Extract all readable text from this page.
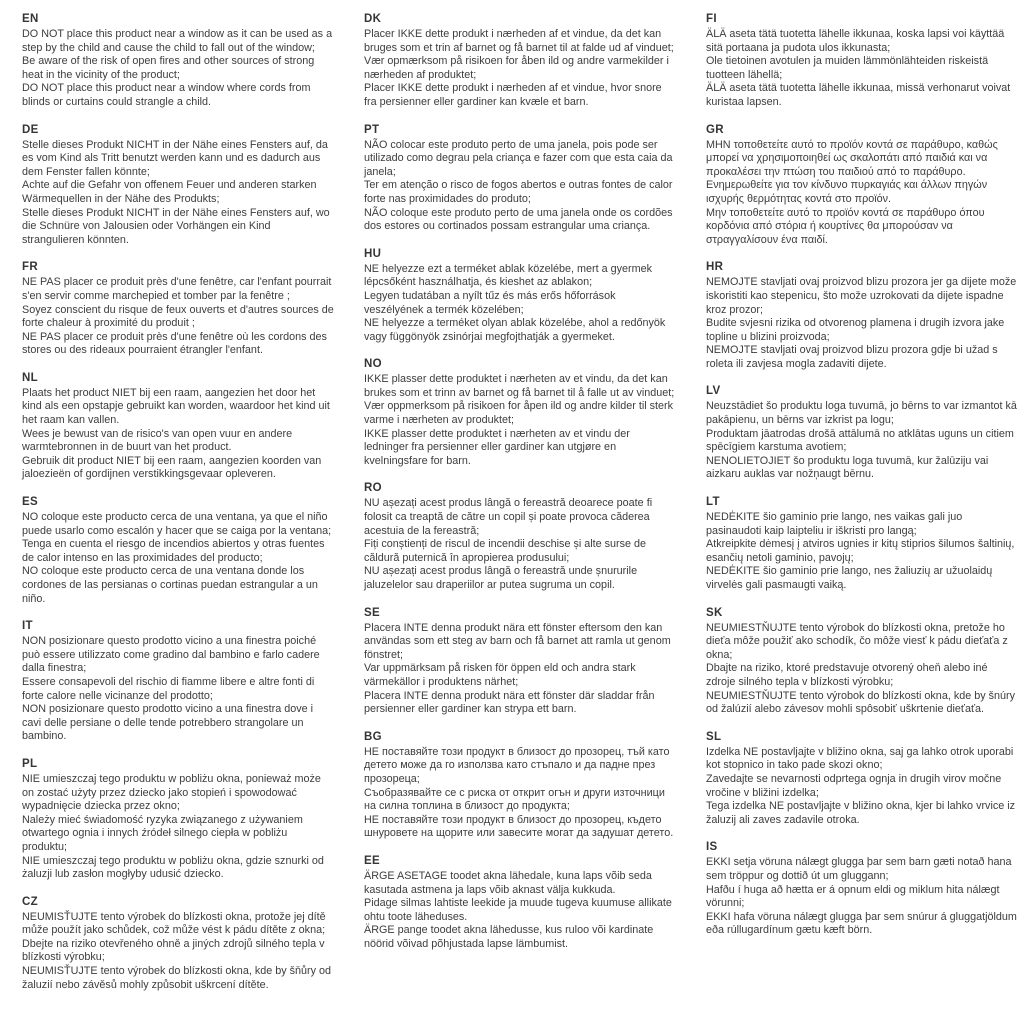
EN

DO NOT place this product near a window as it can be used as a step by the child and cause the child to fall out of the window;

Be aware of the risk of open fires and other sources of strong heat in the vicinity of the product;

DO NOT place this product near a window where cords from blinds or curtains could strangle a child.

DE

Stelle dieses Produkt NICHT in der Nähe eines Fensters auf, da es vom Kind als Tritt benutzt werden kann und es dadurch aus dem Fenster fallen könnte;

Achte auf die Gefahr von offenem Feuer und anderen starken Wärmequellen in der Nähe des Produkts;

Stelle dieses Produkt NICHT in der Nähe eines Fensters auf, wo die Schnüre von Jalousien oder Vorhängen ein Kind strangulieren könnten.

FR

NE PAS placer ce produit près d'une fenêtre, car l'enfant pourrait s'en servir comme marchepied et tomber par la fenêtre ;

Soyez conscient du risque de feux ouverts et d'autres sources de forte chaleur à proximité du produit ;

NE PAS placer ce produit près d'une fenêtre où les cordons des stores ou des rideaux pourraient étrangler l'enfant.

NL

Plaats het product NIET bij een raam, aangezien het door het kind als een opstapje gebruikt kan worden, waardoor het kind uit het raam kan vallen.

Wees je bewust van de risico's van open vuur en andere warmtebronnen in de buurt van het product.

Gebruik dit product NIET bij een raam, aangezien koorden van jaloezieën of gordijnen verstikkingsgevaar opleveren.

ES

NO coloque este producto cerca de una ventana, ya que el niño puede usarlo como escalón y hacer que se caiga por la ventana;

Tenga en cuenta el riesgo de incendios abiertos y otras fuentes de calor intenso en las proximidades del producto;

NO coloque este producto cerca de una ventana donde los cordones de las persianas o cortinas puedan estrangular a un niño.

IT

NON posizionare questo prodotto vicino a una finestra poiché può essere utilizzato come gradino dal bambino e farlo cadere dalla finestra;

Essere consapevoli del rischio di fiamme libere e altre fonti di forte calore nelle vicinanze del prodotto;

NON posizionare questo prodotto vicino a una finestra dove i cavi delle persiane o delle tende potrebbero strangolare un bambino.

PL

NIE umieszczaj tego produktu w pobliżu okna, ponieważ może on zostać użyty przez dziecko jako stopień i spowodować wypadnięcie dziecka przez okno;

Należy mieć świadomość ryzyka związanego z używaniem otwartego ognia i innych źródeł silnego ciepła w pobliżu produktu;

NIE umieszczaj tego produktu w pobliżu okna, gdzie sznurki od żaluzji lub zasłon mogłyby udusić dziecko.

CZ

NEUMISŤUJTE tento výrobek do blízkosti okna, protože jej dítě může použít jako schůdek, což může vést k pádu dítěte z okna;

Dbejte na riziko otevřeného ohně a jiných zdrojů silného tepla v blízkosti výrobku;

NEUMISŤUJTE tento výrobek do blízkosti okna, kde by šňůry od žaluzií nebo závěsů mohly způsobit uškrcení dítěte.

DK

Placer IKKE dette produkt i nærheden af et vindue, da det kan bruges som et trin af barnet og få barnet til at falde ud af vinduet;

Vær opmærksom på risikoen for åben ild og andre varmekilder i nærheden af produktet;

Placer IKKE dette produkt i nærheden af et vindue, hvor snore fra persienner eller gardiner kan kvæle et barn.

PT

NÃO colocar este produto perto de uma janela, pois pode ser utilizado como degrau pela criança e fazer com que esta caia da janela;

Ter em atenção o risco de fogos abertos e outras fontes de calor forte nas proximidades do produto;

NÃO coloque este produto perto de uma janela onde os cordões dos estores ou cortinados possam estrangular uma criança.

HU

NE helyezze ezt a terméket ablak közelébe, mert a gyermek lépcsőként használhatja, és kieshet az ablakon;

Legyen tudatában a nyílt tűz és más erős hőforrások veszélyének a termék közelében;

NE helyezze a terméket olyan ablak közelébe, ahol a redőnyök vagy függönyök zsinórjai megfojthatják a gyermeket.

NO

IKKE plasser dette produktet i nærheten av et vindu, da det kan brukes som et trinn av barnet og få barnet til å falle ut av vinduet;

Vær oppmerksom på risikoen for åpen ild og andre kilder til sterk varme i nærheten av produktet;

IKKE plasser dette produktet i nærheten av et vindu der ledninger fra persienner eller gardiner kan utgjøre en kvelningsfare for barn.

RO

NU așezați acest produs lângă o fereastră deoarece poate fi folosit ca treaptă de către un copil și poate provoca căderea acestuia de la fereastră;

Fiți conștienți de riscul de incendii deschise și alte surse de căldură puternică în apropierea produsului;

NU așezați acest produs lângă o fereastră unde șnururile jaluzelelor sau draperiilor ar putea sugruma un copil.

SE

Placera INTE denna produkt nära ett fönster eftersom den kan användas som ett steg av barn och få barnet att ramla ut genom fönstret;

Var uppmärksam på risken för öppen eld och andra stark värmekällor i produktens närhet;

Placera INTE denna produkt nära ett fönster där sladdar från persienner eller gardiner kan strypa ett barn.

BG

НЕ поставяйте този продукт в близост до прозорец, тъй като детето може да го използва като стъпало и да падне през прозореца;

Съобразявайте се с риска от открит огън и други източници на силна топлина в близост до продукта;

НЕ поставяйте този продукт в близост до прозорец, където шнуровете на щорите или завесите могат да задушат детето.

EE

ÄRGE ASETAGE toodet akna lähedale, kuna laps võib seda kasutada astmena ja laps võib aknast välja kukkuda.

Pidage silmas lahtiste leekide ja muude tugeva kuumuse allikate ohtu toote läheduses.

ÄRGE pange toodet akna lähedusse, kus ruloo või kardinate nöörid võivad põhjustada lapse lämbumist.

FI

ÄLÄ aseta tätä tuotetta lähelle ikkunaa, koska lapsi voi käyttää sitä portaana ja pudota ulos ikkunasta;

Ole tietoinen avotulen ja muiden lämmönlähteiden riskeistä tuotteen lähellä;

ÄLÄ aseta tätä tuotetta lähelle ikkunaa, missä verhonarut voivat kuristaa lapsen.

GR

ΜΗΝ τοποθετείτε αυτό το προϊόν κοντά σε παράθυρο, καθώς μπορεί να χρησιμοποιηθεί ως σκαλοπάτι από παιδιά και να προκαλέσει την πτώση του παιδιού από το παράθυρο.

Ενημερωθείτε για τον κίνδυνο πυρκαγιάς και άλλων πηγών ισχυρής θερμότητας κοντά στο προϊόν.

Μην τοποθετείτε αυτό το προϊόν κοντά σε παράθυρο όπου κορδόνια από στόρια ή κουρτίνες θα μπορούσαν να στραγγαλίσουν ένα παιδί.

HR

NEMOJTE stavljati ovaj proizvod blizu prozora jer ga dijete može iskoristiti kao stepenicu, što može uzrokovati da dijete ispadne kroz prozor;

Budite svjesni rizika od otvorenog plamena i drugih izvora jake topline u blizini proizvoda;

NEMOJTE stavljati ovaj proizvod blizu prozora gdje bi užad s roleta ili zavjesa mogla zadaviti dijete.

LV

Neuzstādiet šo produktu loga tuvumā, jo bērns to var izmantot kā pakāpienu, un bērns var izkrist pa logu;

Produktam jāatrodas drošā attālumā no atklātas uguns un citiem spēcīgiem karstuma avotiem;

NENOLIETOJIET šo produktu loga tuvumā, kur žalūziju vai aizkaru auklas var nožņaugt bērnu.

LT

NEDĖKITE šio gaminio prie lango, nes vaikas gali juo pasinaudoti kaip laipteliu ir iškristi pro langą;

Atkreipkite dėmesį į atviros ugnies ir kitų stiprios šilumos šaltinių, esančių netoli gaminio, pavojų;

NEDĖKITE šio gaminio prie lango, nes žaliuzių ar užuolaidų virvelės gali pasmaugti vaiką.

SK

NEUMIESTŇUJTE tento výrobok do blízkosti okna, pretože ho dieťa môže použiť ako schodík, čo môže viesť k pádu dieťaťa z okna;

Dbajte na riziko, ktoré predstavuje otvorený oheň alebo iné zdroje silného tepla v blízkosti výrobku;

NEUMIESTŇUJTE tento výrobok do blízkosti okna, kde by šnúry od žalúzií alebo závesov mohli spôsobiť uškrtenie dieťaťa.

SL

Izdelka NE postavljajte v bližino okna, saj ga lahko otrok uporabi kot stopnico in tako pade skozi okno;

Zavedajte se nevarnosti odprtega ognja in drugih virov močne vročine v bližini izdelka;

Tega izdelka NE postavljajte v bližino okna, kjer bi lahko vrvice iz žaluzij ali zaves zadavile otroka.

IS

EKKI setja vöruna nálægt glugga þar sem barn gæti notað hana sem tröppur og dottið út um gluggann;

Hafðu í huga að hætta er á opnum eldi og miklum hita nálægt vörunni;

EKKI hafa vöruna nálægt glugga þar sem snúrur á gluggatjöldum eða rúllugardínum gætu kæft börn.
